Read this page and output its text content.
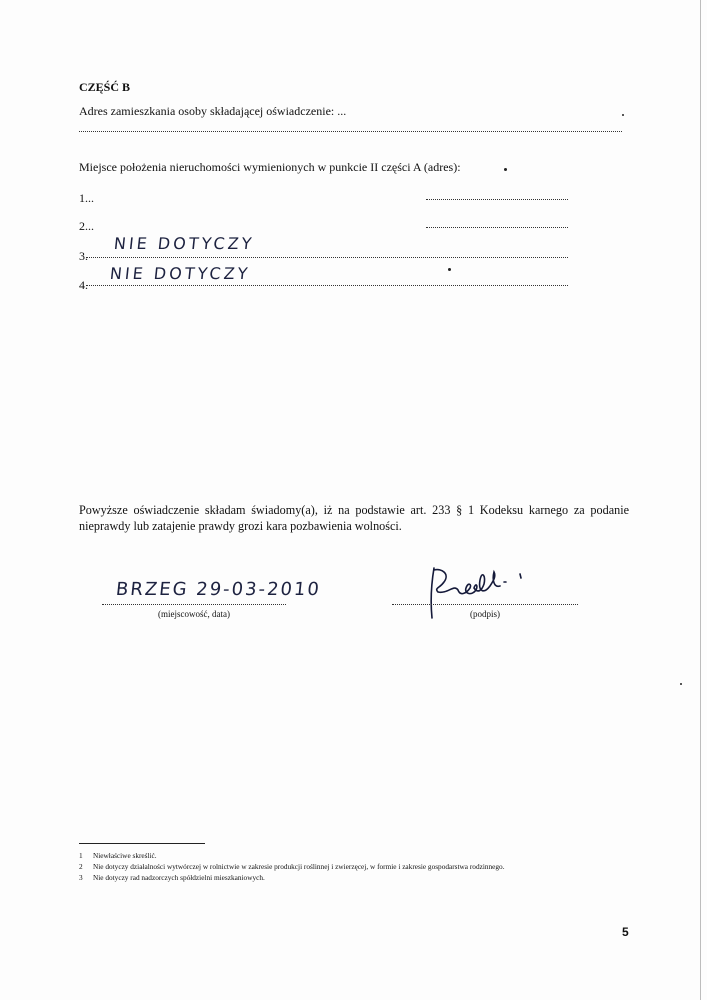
CZĘŚĆ B
Adres zamieszkania osoby składającej oświadczenie: ...
Miejsce położenia nieruchomości wymienionych w punkcie II części A (adres):
1...
2...
3.
NIE DOTYCZY
4.
NIE DOTYCZY
Powyższe oświadczenie składam świadomy(a), iż na podstawie art. 233 § 1 Kodeksu karnego za podanie nieprawdy lub zatajenie prawdy grozi kara pozbawienia wolności.
BRZEG 29-03-2010
(miejscowość, data)	(podpis)
1 Niewłaściwe skreślić.
2 Nie dotyczy działalności wytwórczej w rolnictwie w zakresie produkcji roślinnej i zwierzęcej, w formie i zakresie gospodarstwa rodzinnego.
3 Nie dotyczy rad nadzorczych spółdzielni mieszkaniowych.
5
